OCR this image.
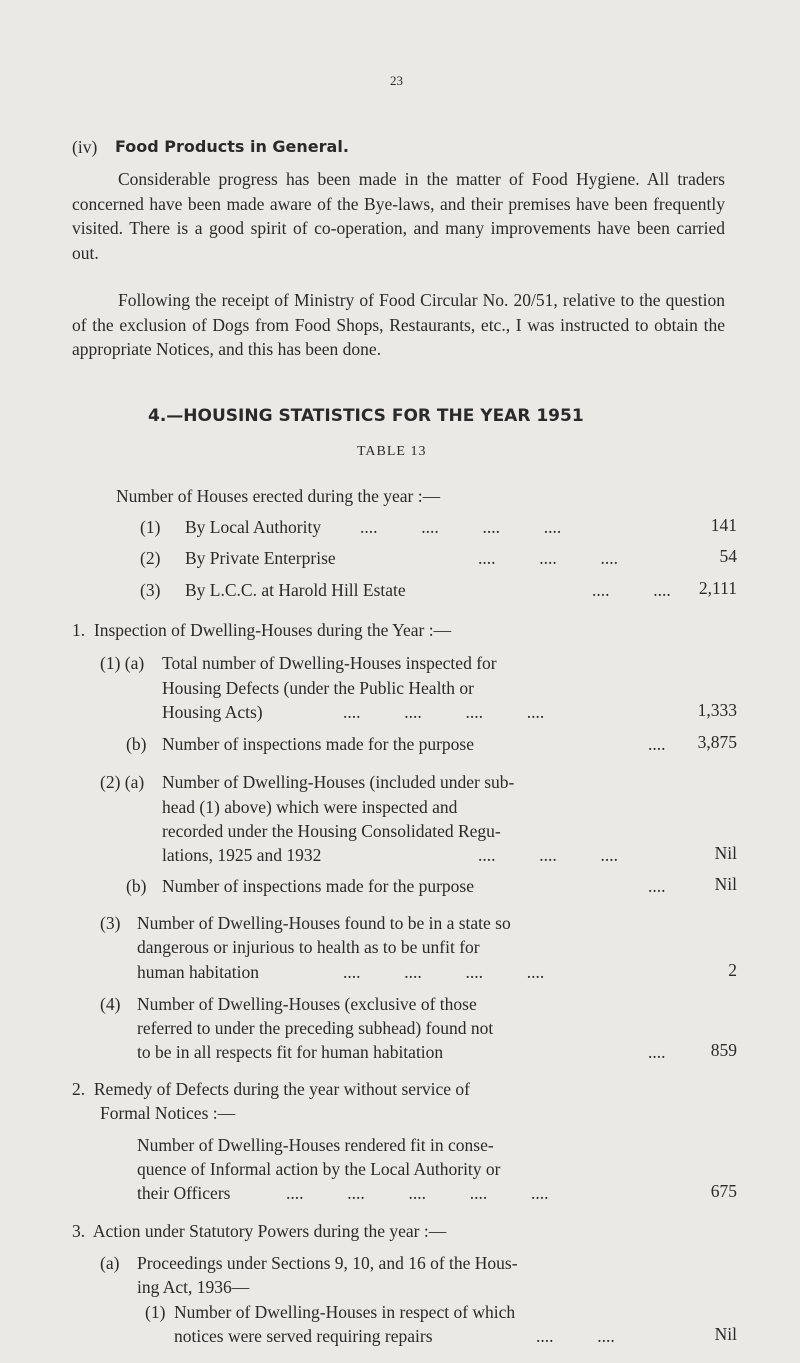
23
(iv) Food Products in General.
Considerable progress has been made in the matter of Food Hygiene. All traders concerned have been made aware of the Bye-laws, and their premises have been frequently visited. There is a good spirit of co-operation, and many improvements have been carried out.
Following the receipt of Ministry of Food Circular No. 20/51, relative to the question of the exclusion of Dogs from Food Shops, Restaurants, etc., I was instructed to obtain the appropriate Notices, and this has been done.
4.—HOUSING STATISTICS FOR THE YEAR 1951
TABLE 13
Number of Houses erected during the year :—
(1) By Local Authority ....          ....          ....          ....	141
(2) By Private Enterprise	....          ....          ....	54
(3) By L.C.C. at Harold Hill Estate	....          .... 2,111
1.  Inspection of Dwelling-Houses during the Year :—
(1) (a) Total number of Dwelling-Houses inspected for
Housing Defects (under the Public Health or
Housing Acts)	....          ....          ....          ....	1,333
(b) Number of inspections made for the purpose	.... 3,875
(2) (a) Number of Dwelling-Houses (included under sub-
head (1) above) which were inspected and
recorded under the Housing Consolidated Regu-
lations, 1925 and 1932	....          ....          ....	Nil
(b) Number of inspections made for the purpose	....	Nil
(3) Number of Dwelling-Houses found to be in a state so
dangerous or injurious to health as to be unfit for
human habitation	....          ....          ....          ....	2
(4) Number of Dwelling-Houses (exclusive of those
referred to under the preceding subhead) found not
to be in all respects fit for human habitation	....	859
2.  Remedy of Defects during the year without service of
Formal Notices :—
Number of Dwelling-Houses rendered fit in conse-
quence of Informal action by the Local Authority or
their Officers	....          ....          ....          ....          ....	675
3.  Action under Statutory Powers during the year :—
(a) Proceedings under Sections 9, 10, and 16 of the Hous-
ing Act, 1936—
(1) Number of Dwelling-Houses in respect of which
notices were served requiring repairs	....          ....	Nil
